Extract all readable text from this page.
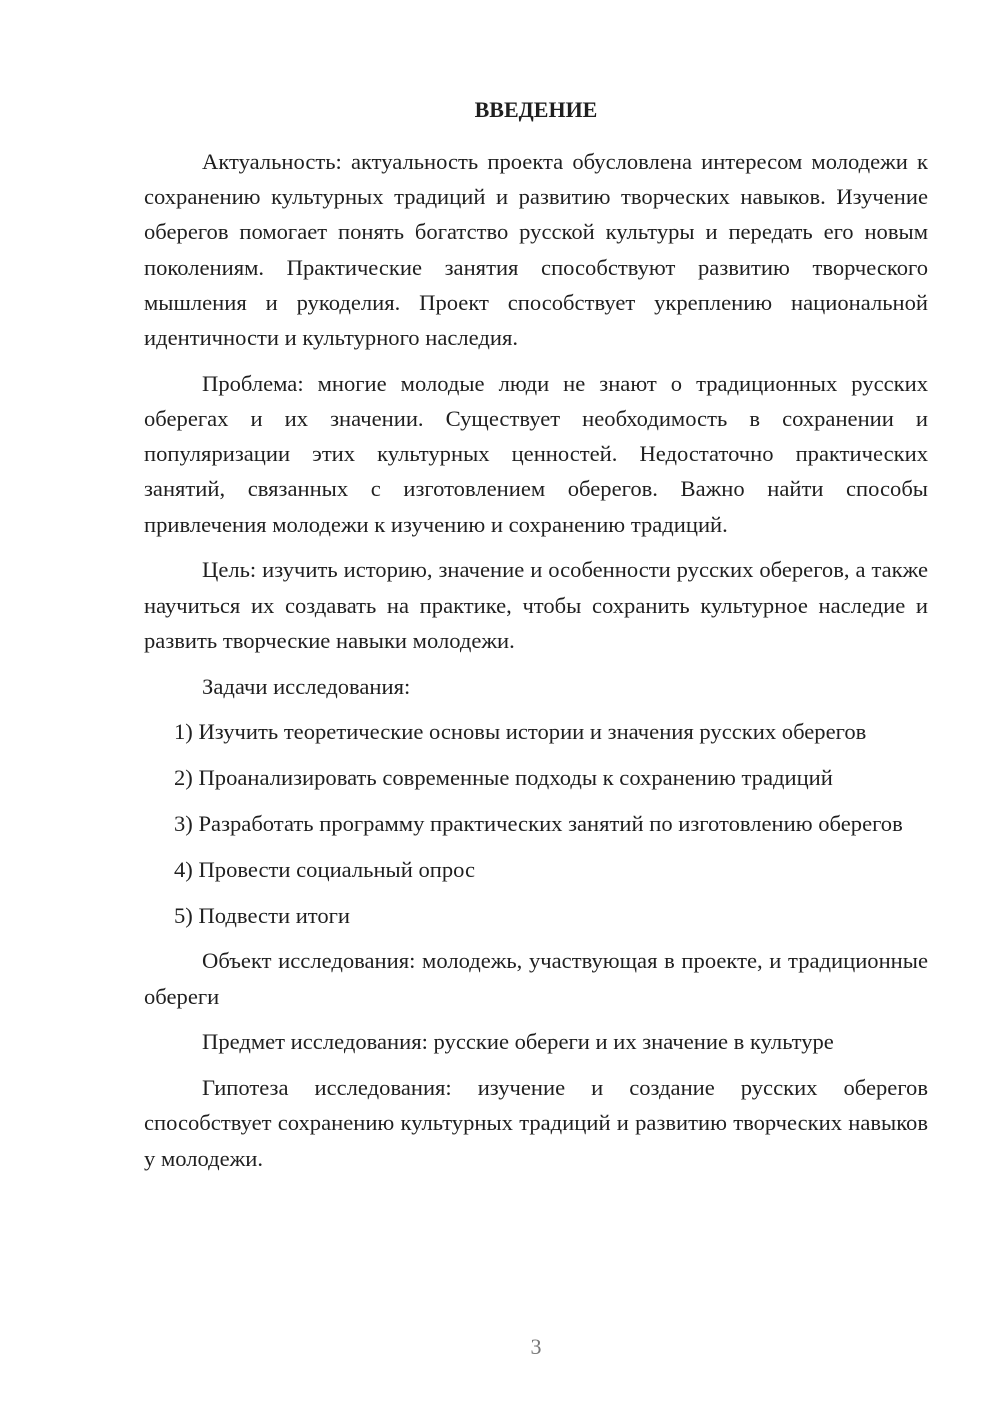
ВВЕДЕНИЕ

Актуальность: актуальность проекта обусловлена интересом молодежи к сохранению культурных традиций и развитию творческих навыков. Изучение оберегов помогает понять богатство русской культуры и передать его новым поколениям. Практические занятия способствуют развитию творческого мышления и рукоделия. Проект способствует укреплению национальной идентичности и культурного наследия.

Проблема: многие молодые люди не знают о традиционных русских оберегах и их значении. Существует необходимость в сохранении и популяризации этих культурных ценностей. Недостаточно практических занятий, связанных с изготовлением оберегов. Важно найти способы привлечения молодежи к изучению и сохранению традиций.

Цель: изучить историю, значение и особенности русских оберегов, а также научиться их создавать на практике, чтобы сохранить культурное наследие и развить творческие навыки молодежи.

Задачи исследования:

1) Изучить теоретические основы истории и значения русских оберегов

2) Проанализировать современные подходы к сохранению традиций

3) Разработать программу практических занятий по изготовлению оберегов

4) Провести социальный опрос

5) Подвести итоги

Объект исследования: молодежь, участвующая в проекте, и традиционные обереги

Предмет исследования: русские обереги и их значение в культуре

Гипотеза исследования: изучение и создание русских оберегов способствует сохранению культурных традиций и развитию творческих навыков у молодежи.

3
